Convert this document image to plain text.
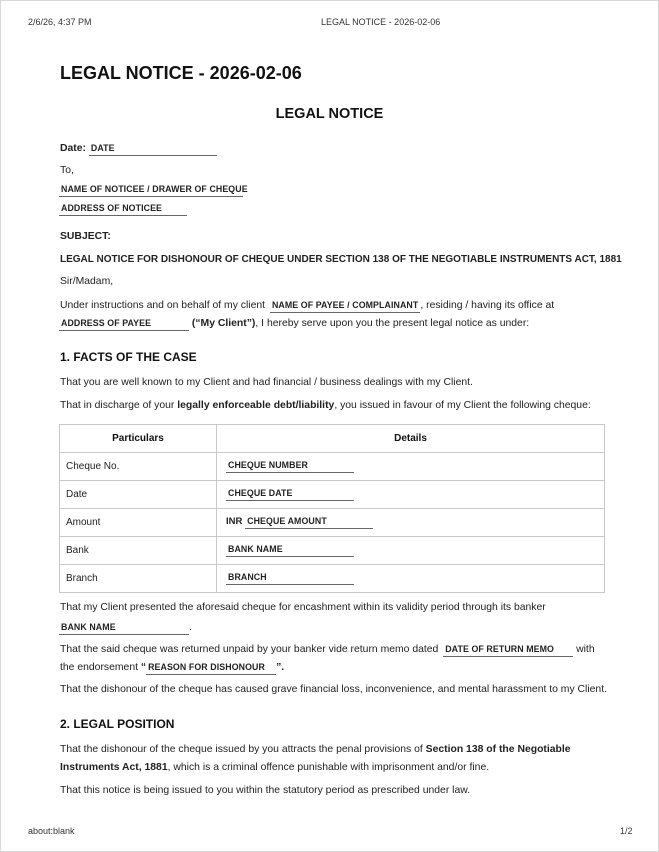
2/6/26, 4:37 PM	LEGAL NOTICE - 2026-02-06
LEGAL NOTICE - 2026-02-06
LEGAL NOTICE
Date: DATE
To,
NAME OF NOTICEE / DRAWER OF CHEQUE
ADDRESS OF NOTICEE
SUBJECT:
LEGAL NOTICE FOR DISHONOUR OF CHEQUE UNDER SECTION 138 OF THE NEGOTIABLE INSTRUMENTS ACT, 1881
Sir/Madam,
Under instructions and on behalf of my client NAME OF PAYEE / COMPLAINANT , residing / having its office at
ADDRESS OF PAYEE	(“My Client”), I hereby serve upon you the present legal notice as under:
1. FACTS OF THE CASE
That you are well known to my Client and had financial / business dealings with my Client.
That in discharge of your legally enforceable debt/liability, you issued in favour of my Client the following cheque:
Particulars	Details
Cheque No.	CHEQUE NUMBER
Date	CHEQUE DATE
Amount	INR CHEQUE AMOUNT
Bank	BANK NAME
Branch	BRANCH
That my Client presented the aforesaid cheque for encashment within its validity period through its banker
BANK NAME	.
That the said cheque was returned unpaid by your banker vide return memo dated DATE OF RETURN MEMO with
the endorsement “ REASON FOR DISHONOUR ”.
That the dishonour of the cheque has caused grave financial loss, inconvenience, and mental harassment to my Client.
2. LEGAL POSITION
That the dishonour of the cheque issued by you attracts the penal provisions of Section 138 of the Negotiable
Instruments Act, 1881, which is a criminal offence punishable with imprisonment and/or fine.
That this notice is being issued to you within the statutory period as prescribed under law.
about:blank	1/2
